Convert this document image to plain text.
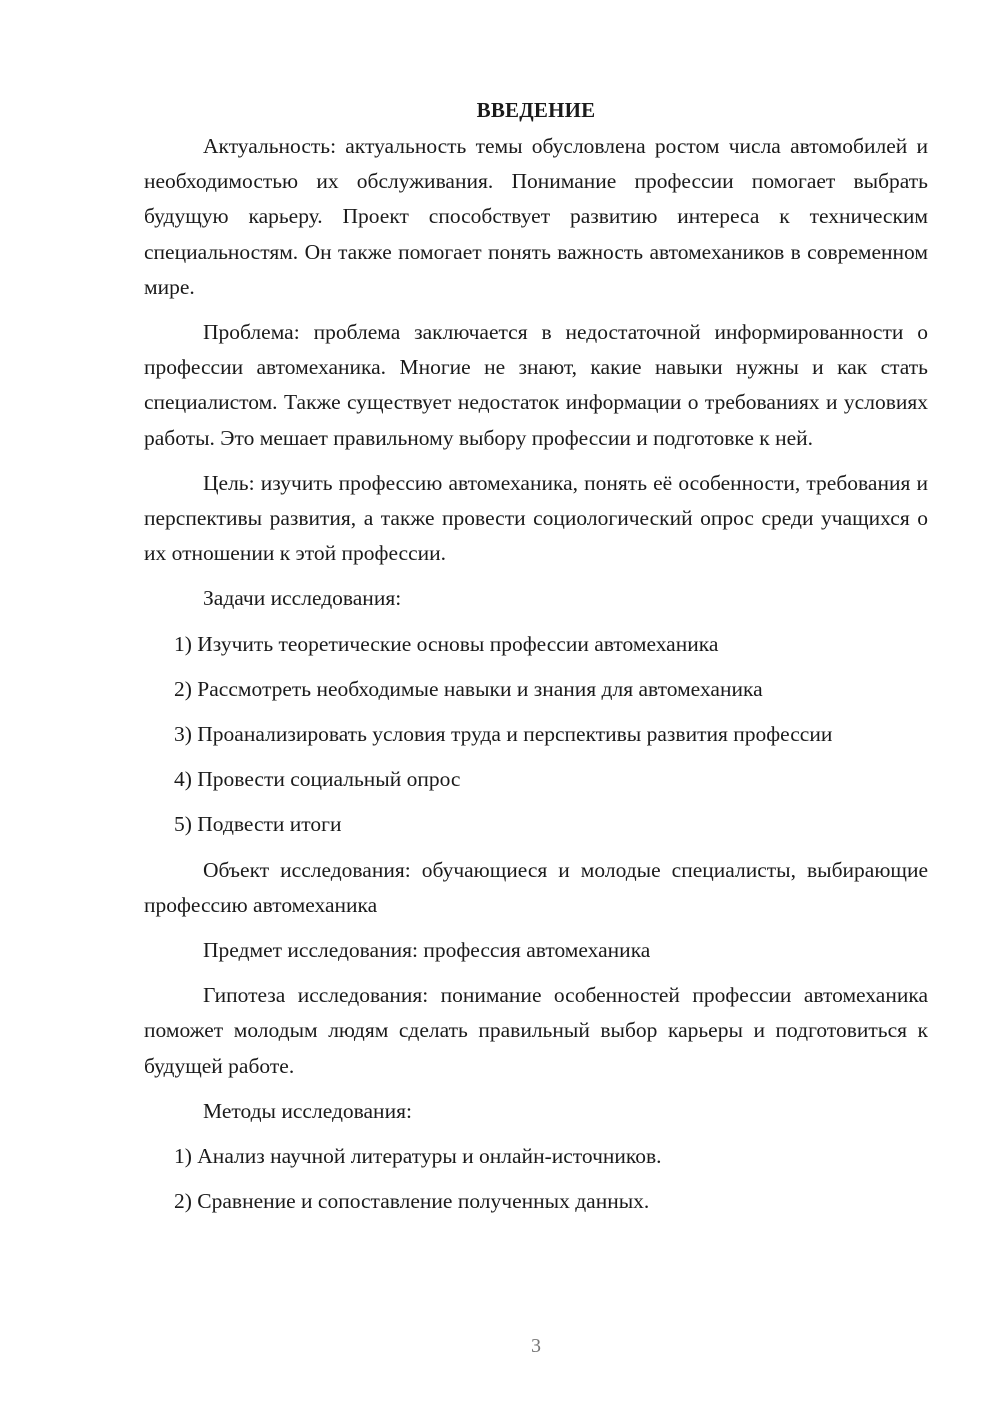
ВВЕДЕНИЕ

Актуальность: актуальность темы обусловлена ростом числа автомобилей и необходимостью их обслуживания. Понимание профессии помогает выбрать будущую карьеру. Проект способствует развитию интереса к техническим специальностям. Он также помогает понять важность автомехаников в современном мире.

Проблема: проблема заключается в недостаточной информированности о профессии автомеханика. Многие не знают, какие навыки нужны и как стать специалистом. Также существует недостаток информации о требованиях и условиях работы. Это мешает правильному выбору профессии и подготовке к ней.

Цель: изучить профессию автомеханика, понять её особенности, требования и перспективы развития, а также провести социологический опрос среди учащихся о их отношении к этой профессии.

Задачи исследования:

1) Изучить теоретические основы профессии автомеханика

2) Рассмотреть необходимые навыки и знания для автомеханика

3) Проанализировать условия труда и перспективы развития профессии

4) Провести социальный опрос

5) Подвести итоги

Объект исследования: обучающиеся и молодые специалисты, выбирающие профессию автомеханика

Предмет исследования: профессия автомеханика

Гипотеза исследования: понимание особенностей профессии автомеханика поможет молодым людям сделать правильный выбор карьеры и подготовиться к будущей работе.

Методы исследования:

1) Анализ научной литературы и онлайн-источников.

2) Сравнение и сопоставление полученных данных.

3
